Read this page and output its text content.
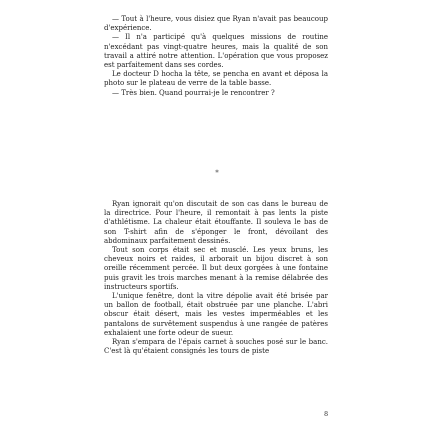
— Tout à l'heure, vous disiez que Ryan n'avait pas beaucoup d'expérience.

— Il n'a participé qu'à quelques missions de routine n'excédant pas vingt-quatre heures, mais la qualité de son travail a attiré notre attention. L'opération que vous proposez est parfaitement dans ses cordes.

Le docteur D hocha la tête, se pencha en avant et déposa la photo sur le plateau de verre de la table basse.

— Très bien. Quand pourrai-je le rencontrer ?

*

Ryan ignorait qu'on discutait de son cas dans le bureau de la directrice. Pour l'heure, il remontait à pas lents la piste d'athlétisme. La chaleur était étouffante. Il souleva le bas de son T-shirt afin de s'éponger le front, dévoilant des abdominaux parfaitement dessinés.

Tout son corps était sec et musclé. Les yeux bruns, les cheveux noirs et raides, il arborait un bijou discret à son oreille récemment percée. Il but deux gorgées à une fontaine puis gravit les trois marches menant à la remise délabrée des instructeurs sportifs.

L'unique fenêtre, dont la vitre dépolie avait été brisée par un ballon de football, était obstruée par une planche. L'abri obscur était désert, mais les vestes imperméables et les pantalons de survêtement suspendus à une rangée de patères exhalaient une forte odeur de sueur.

Ryan s'empara de l'épais carnet à souches posé sur le banc. C'est là qu'étaient consignés les tours de piste

8
